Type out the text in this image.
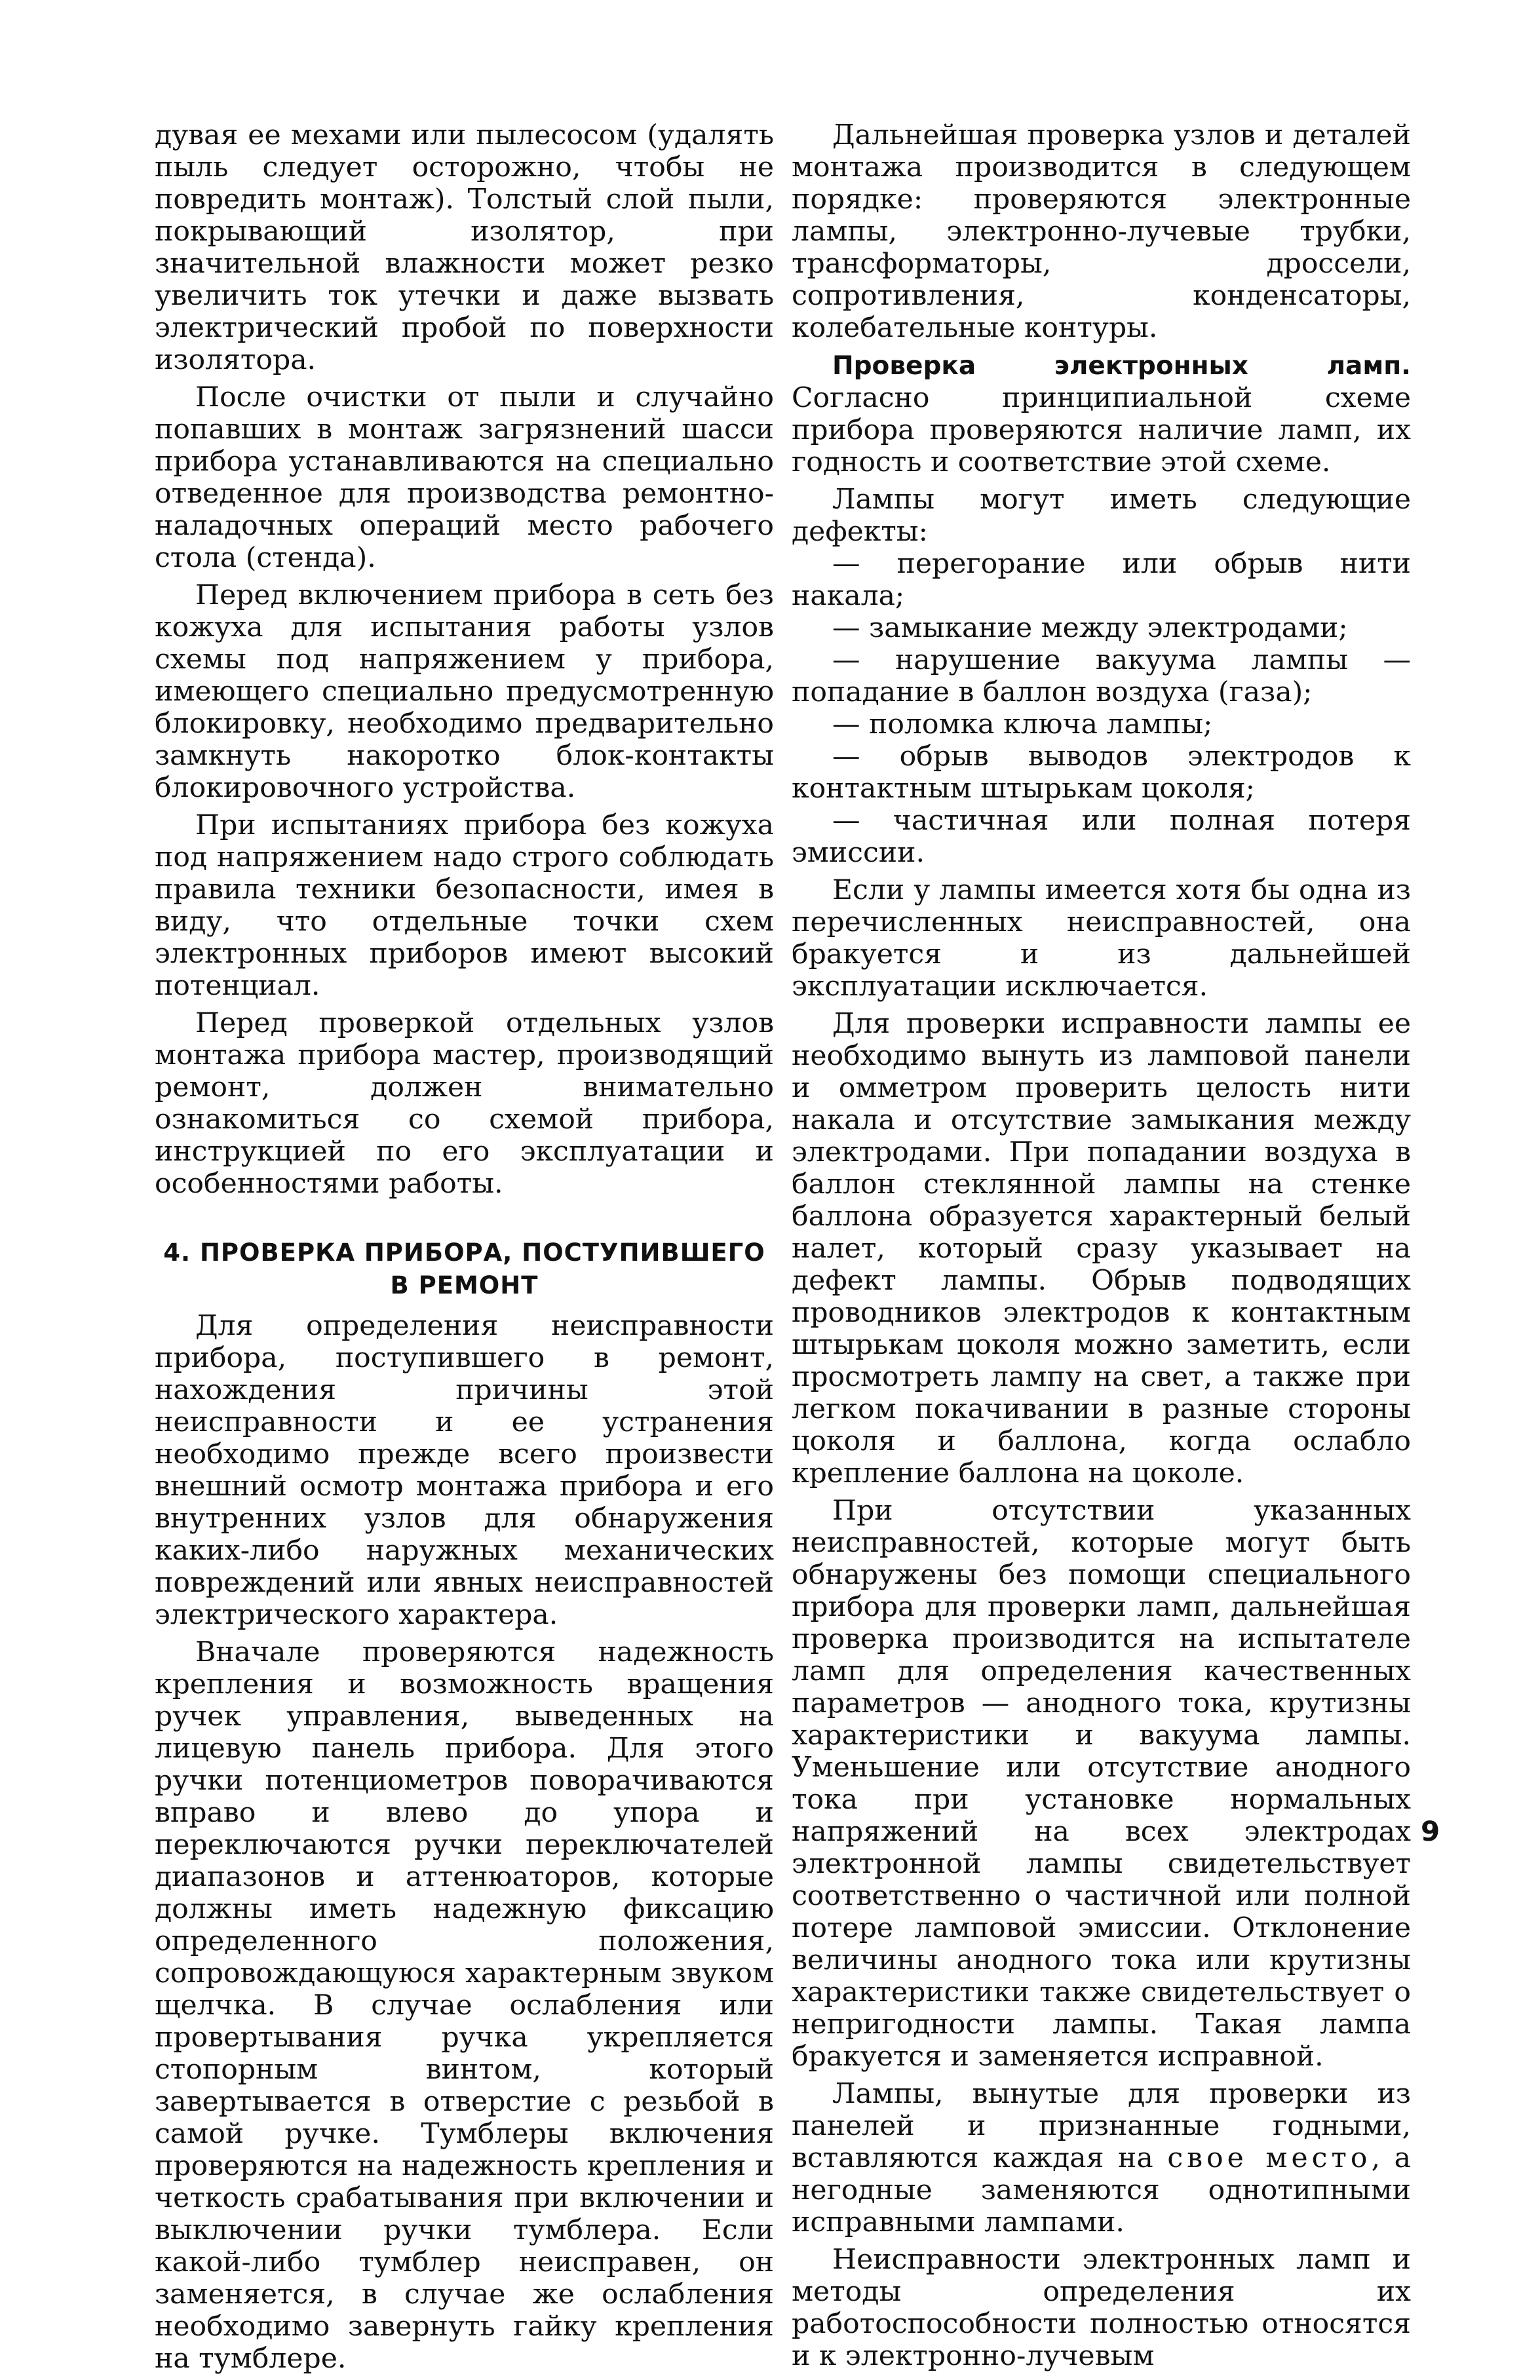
дувая ее мехами или пылесосом (удалять пыль следует осторожно, чтобы не повредить монтаж). Толстый слой пыли, покрывающий изолятор, при значительной влажности может резко увеличить ток утечки и даже вызвать электрический пробой по поверхности изолятора.

После очистки от пыли и случайно попавших в монтаж загрязнений шасси прибора устанавливаются на специально отведенное для производства ремонтно-наладочных операций место рабочего стола (стенда).

Перед включением прибора в сеть без кожуха для испытания работы узлов схемы под напряжением у прибора, имеющего специально предусмотренную блокировку, необходимо предварительно замкнуть накоротко блок-контакты блокировочного устройства.

При испытаниях прибора без кожуха под напряжением надо строго соблюдать правила техники безопасности, имея в виду, что отдельные точки схем электронных приборов имеют высокий потенциал.

Перед проверкой отдельных узлов монтажа прибора мастер, производящий ремонт, должен внимательно ознакомиться со схемой прибора, инструкцией по его эксплуатации и особенностями работы.

4. ПРОВЕРКА ПРИБОРА, ПОСТУПИВШЕГО
В РЕМОНТ

Для определения неисправности прибора, поступившего в ремонт, нахождения причины этой неисправности и ее устранения необходимо прежде всего произвести внешний осмотр монтажа прибора и его внутренних узлов для обнаружения каких-либо наружных механических повреждений или явных неисправностей электрического характера.

Вначале проверяются надежность крепления и возможность вращения ручек управления, выведенных на лицевую панель прибора. Для этого ручки потенциометров поворачиваются вправо и влево до упора и переключаются ручки переключателей диапазонов и аттенюаторов, которые должны иметь надежную фиксацию определенного положения, сопровождающуюся характерным звуком щелчка. В случае ослабления или провертывания ручка укрепляется стопорным винтом, который завертывается в отверстие с резьбой в самой ручке. Тумблеры включения проверяются на надежность крепления и четкость срабатывания при включении и выключении ручки тумблера. Если какой-либо тумблер неисправен, он заменяется, в случае же ослабления необходимо завернуть гайку крепления на тумблере.

Дальнейшая проверка узлов и деталей монтажа производится в следующем порядке: проверяются электронные лампы, электронно-лучевые трубки, трансформаторы, дроссели, сопротивления, конденсаторы, колебательные контуры.

Проверка электронных ламп. Согласно принципиальной схеме прибора проверяются наличие ламп, их годность и соответствие этой схеме.

Лампы могут иметь следующие дефекты:

— перегорание или обрыв нити накала;

— замыкание между электродами;

— нарушение вакуума лампы — попадание в баллон воздуха (газа);

— поломка ключа лампы;

— обрыв выводов электродов к контактным штырькам цоколя;

— частичная или полная потеря эмиссии.

Если у лампы имеется хотя бы одна из перечисленных неисправностей, она бракуется и из дальнейшей эксплуатации исключается.

Для проверки исправности лампы ее необходимо вынуть из ламповой панели и омметром проверить целость нити накала и отсутствие замыкания между электродами. При попадании воздуха в баллон стеклянной лампы на стенке баллона образуется характерный белый налет, который сразу указывает на дефект лампы. Обрыв подводящих проводников электродов к контактным штырькам цоколя можно заметить, если просмотреть лампу на свет, а также при легком покачивании в разные стороны цоколя и баллона, когда ослабло крепление баллона на цоколе.

При отсутствии указанных неисправностей, которые могут быть обнаружены без помощи специального прибора для проверки ламп, дальнейшая проверка производится на испытателе ламп для определения качественных параметров — анодного тока, крутизны характеристики и вакуума лампы. Уменьшение или отсутствие анодного тока при установке нормальных напряжений на всех электродах электронной лампы свидетельствует соответственно о частичной или полной потере ламповой эмиссии. Отклонение величины анодного тока или крутизны характеристики также свидетельствует о непригодности лампы. Такая лампа бракуется и заменяется исправной.

Лампы, вынутые для проверки из панелей и признанные годными, вставляются каждая на свое место, а негодные заменяются однотипными исправными лампами.

Неисправности электронных ламп и методы определения их работоспособности полностью относятся и к электронно-лучевым

9
